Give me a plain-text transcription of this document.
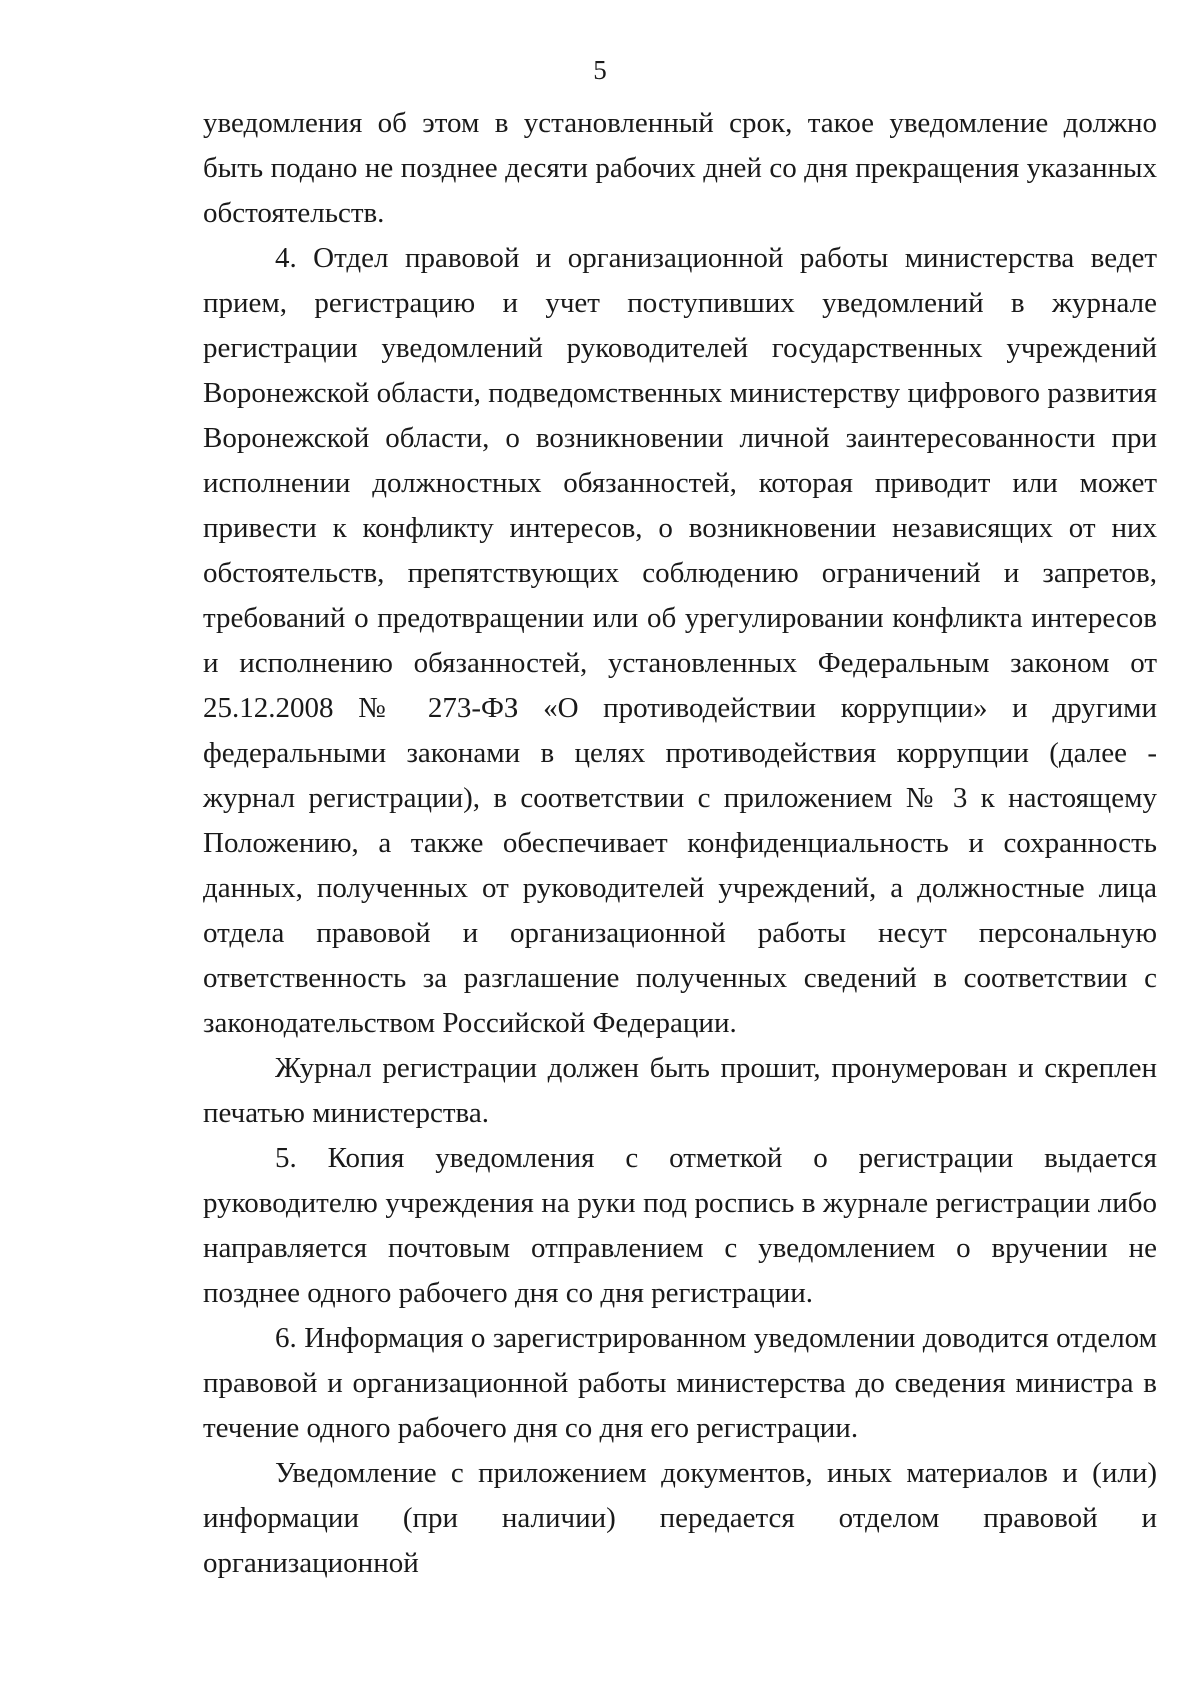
5

уведомления об этом в установленный срок, такое уведомление должно быть подано не позднее десяти рабочих дней со дня прекращения указанных обстоятельств.

4. Отдел правовой и организационной работы министерства ведет прием, регистрацию и учет поступивших уведомлений в журнале регистрации уведомлений руководителей государственных учреждений Воронежской области, подведомственных министерству цифрового развития Воронежской области, о возникновении личной заинтересованности при исполнении должностных обязанностей, которая приводит или может привести к конфликту интересов, о возникновении независящих от них обстоятельств, препятствующих соблюдению ограничений и запретов, требований о предотвращении или об урегулировании конфликта интересов и исполнению обязанностей, установленных Федеральным законом от 25.12.2008 № 273-ФЗ «О противодействии коррупции» и другими федеральными законами в целях противодействия коррупции (далее - журнал регистрации), в соответствии с приложением № 3 к настоящему Положению, а также обеспечивает конфиденциальность и сохранность данных, полученных от руководителей учреждений, а должностные лица отдела правовой и организационной работы несут персональную ответственность за разглашение полученных сведений в соответствии с законодательством Российской Федерации.

Журнал регистрации должен быть прошит, пронумерован и скреплен печатью министерства.

5. Копия уведомления с отметкой о регистрации выдается руководителю учреждения на руки под роспись в журнале регистрации либо направляется почтовым отправлением с уведомлением о вручении не позднее одного рабочего дня со дня регистрации.

6. Информация о зарегистрированном уведомлении доводится отделом правовой и организационной работы министерства до сведения министра в течение одного рабочего дня со дня его регистрации.

Уведомление с приложением документов, иных материалов и (или) информации (при наличии) передается отделом правовой и организационной
